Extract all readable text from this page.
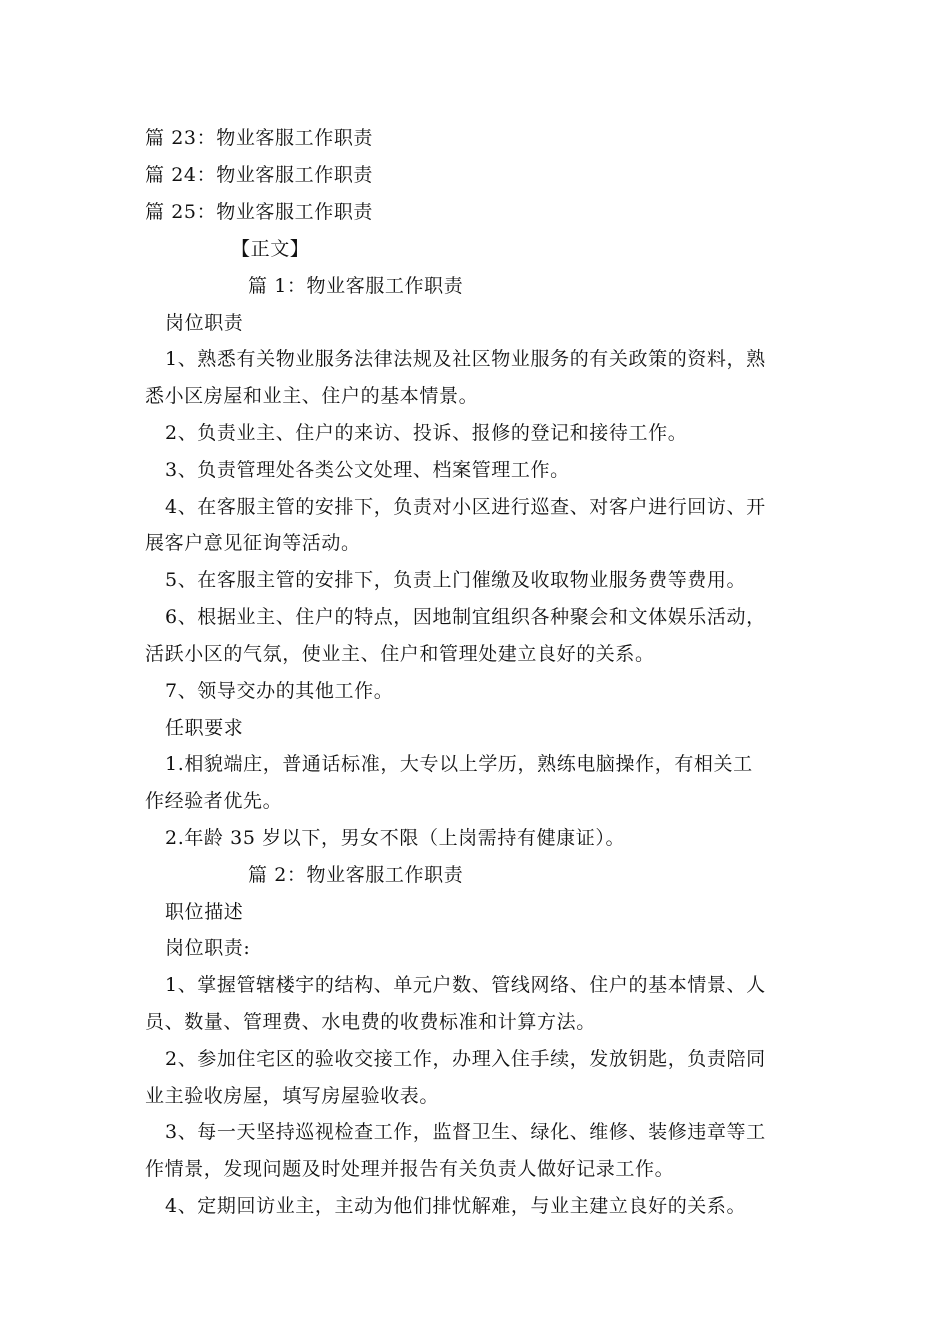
篇 23：物业客服工作职责
篇 24：物业客服工作职责
篇 25：物业客服工作职责
【正文】
篇 1：物业客服工作职责
岗位职责
1、熟悉有关物业服务法律法规及社区物业服务的有关政策的资料，熟
悉小区房屋和业主、住户的基本情景。
2、负责业主、住户的来访、投诉、报修的登记和接待工作。
3、负责管理处各类公文处理、档案管理工作。
4、在客服主管的安排下，负责对小区进行巡查、对客户进行回访、开
展客户意见征询等活动。
5、在客服主管的安排下，负责上门催缴及收取物业服务费等费用。
6、根据业主、住户的特点，因地制宜组织各种聚会和文体娱乐活动，
活跃小区的气氛，使业主、住户和管理处建立良好的关系。
7、领导交办的其他工作。
任职要求
1.相貌端庄，普通话标准，大专以上学历，熟练电脑操作，有相关工
作经验者优先。
2.年龄 35 岁以下，男女不限（上岗需持有健康证）。
篇 2：物业客服工作职责
职位描述
岗位职责:
1、掌握管辖楼宇的结构、单元户数、管线网络、住户的基本情景、人
员、数量、管理费、水电费的收费标准和计算方法。
2、参加住宅区的验收交接工作，办理入住手续，发放钥匙，负责陪同
业主验收房屋，填写房屋验收表。
3、每一天坚持巡视检查工作，监督卫生、绿化、维修、装修违章等工
作情景，发现问题及时处理并报告有关负责人做好记录工作。
4、定期回访业主，主动为他们排忧解难，与业主建立良好的关系。
